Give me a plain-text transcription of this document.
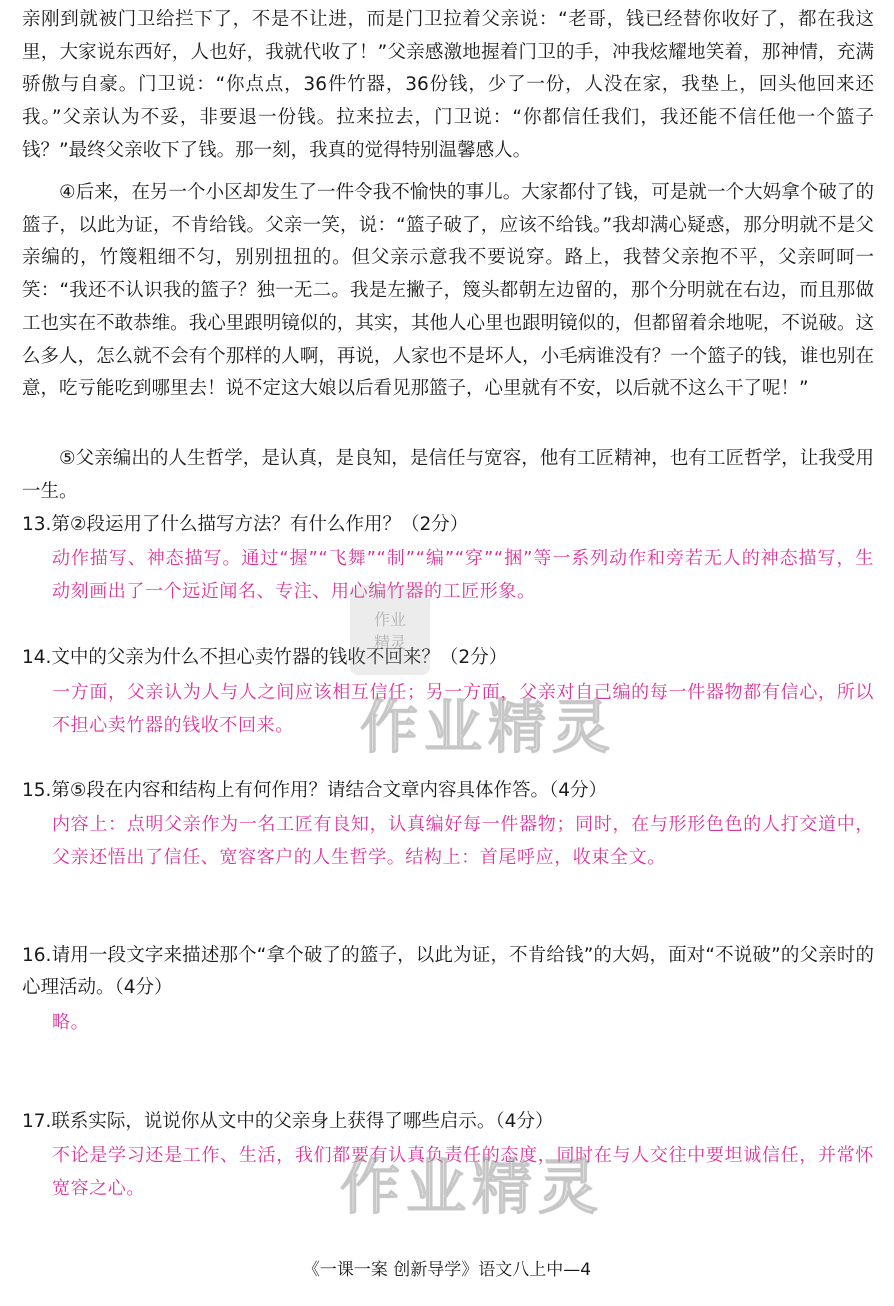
亲刚到就被门卫给拦下了，不是不让进，而是门卫拉着父亲说：“老哥，钱已经替你收好了，都在我这里，大家说东西好，人也好，我就代收了！”父亲感激地握着门卫的手，冲我炫耀地笑着，那神情，充满骄傲与自豪。门卫说：“你点点，36件竹器，36份钱，少了一份，人没在家，我垫上，回头他回来还我。”父亲认为不妥，非要退一份钱。拉来拉去，门卫说：“你都信任我们，我还能不信任他一个篮子钱？”最终父亲收下了钱。那一刻，我真的觉得特别温馨感人。

④后来，在另一个小区却发生了一件令我不愉快的事儿。大家都付了钱，可是就一个大妈拿个破了的篮子，以此为证，不肯给钱。父亲一笑，说：“篮子破了，应该不给钱。”我却满心疑惑，那分明就不是父亲编的，竹篾粗细不匀，别别扭扭的。但父亲示意我不要说穿。路上，我替父亲抱不平，父亲呵呵一笑：“我还不认识我的篮子？独一无二。我是左撇子，篾头都朝左边留的，那个分明就在右边，而且那做工也实在不敢恭维。我心里跟明镜似的，其实，其他人心里也跟明镜似的，但都留着余地呢，不说破。这么多人，怎么就不会有个那样的人啊，再说，人家也不是坏人，小毛病谁没有？一个篮子的钱，谁也别在意，吃亏能吃到哪里去！说不定这大娘以后看见那篮子，心里就有不安，以后就不这么干了呢！”

⑤父亲编出的人生哲学，是认真，是良知，是信任与宽容，他有工匠精神，也有工匠哲学，让我受用一生。

13.第②段运用了什么描写方法？有什么作用？（2分）

动作描写、神态描写。通过“握”“飞舞”“制”“编”“穿”“捆”等一系列动作和旁若无人的神态描写，生动刻画出了一个远近闻名、专注、用心编竹器的工匠形象。

14.文中的父亲为什么不担心卖竹器的钱收不回来？（2分）

一方面，父亲认为人与人之间应该相互信任；另一方面，父亲对自己编的每一件器物都有信心，所以不担心卖竹器的钱收不回来。

15.第⑤段在内容和结构上有何作用？请结合文章内容具体作答。（4分）

内容上：点明父亲作为一名工匠有良知，认真编好每一件器物；同时，在与形形色色的人打交道中，父亲还悟出了信任、宽容客户的人生哲学。结构上：首尾呼应，收束全文。

16.请用一段文字来描述那个“拿个破了的篮子，以此为证，不肯给钱”的大妈，面对“不说破”的父亲时的心理活动。（4分）

略。

17.联系实际，说说你从文中的父亲身上获得了哪些启示。（4分）

不论是学习还是工作、生活，我们都要有认真负责任的态度，同时在与人交往中要坦诚信任，并常怀宽容之心。

《一课一案 创新导学》语文八上中—4
作业
精灵
作业精灵
作业精灵
